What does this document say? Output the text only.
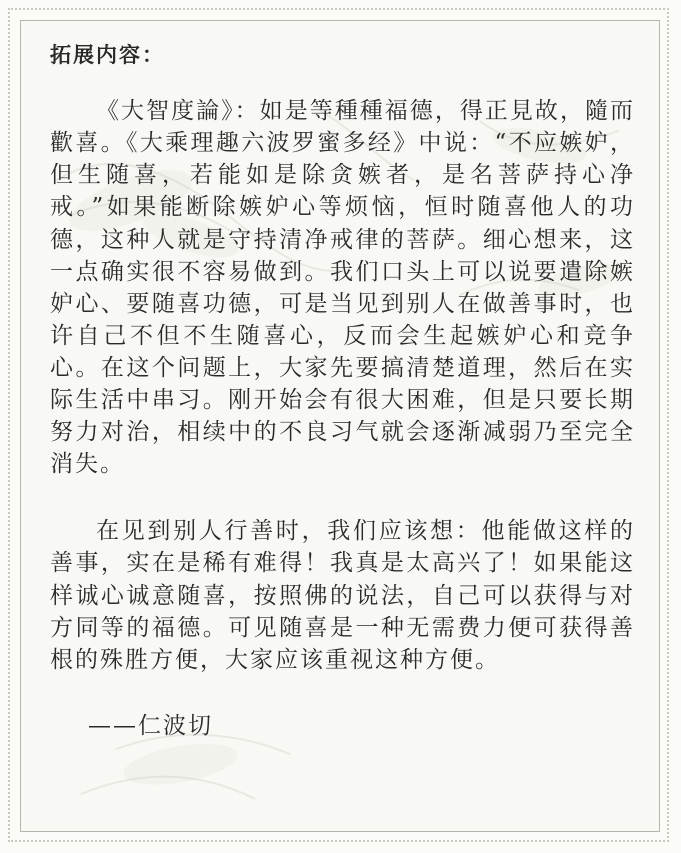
拓展内容：

《大智度論》：如是等種種福德，得正見故，隨而歡喜。《大乘理趣六波罗蜜多经》中说：“不应嫉妒，但生随喜，若能如是除贪嫉者，是名菩萨持心净戒。”如果能断除嫉妒心等烦恼，恒时随喜他人的功德，这种人就是守持清净戒律的菩萨。细心想来，这一点确实很不容易做到。我们口头上可以说要遣除嫉妒心、要随喜功德，可是当见到别人在做善事时，也许自己不但不生随喜心，反而会生起嫉妒心和竞争心。在这个问题上，大家先要搞清楚道理，然后在实际生活中串习。刚开始会有很大困难，但是只要长期努力对治，相续中的不良习气就会逐渐减弱乃至完全消失。

在见到别人行善时，我们应该想：他能做这样的善事，实在是稀有难得！我真是太高兴了！如果能这样诚心诚意随喜，按照佛的说法，自己可以获得与对方同等的福德。可见随喜是一种无需费力便可获得善根的殊胜方便，大家应该重视这种方便。

——仁波切
